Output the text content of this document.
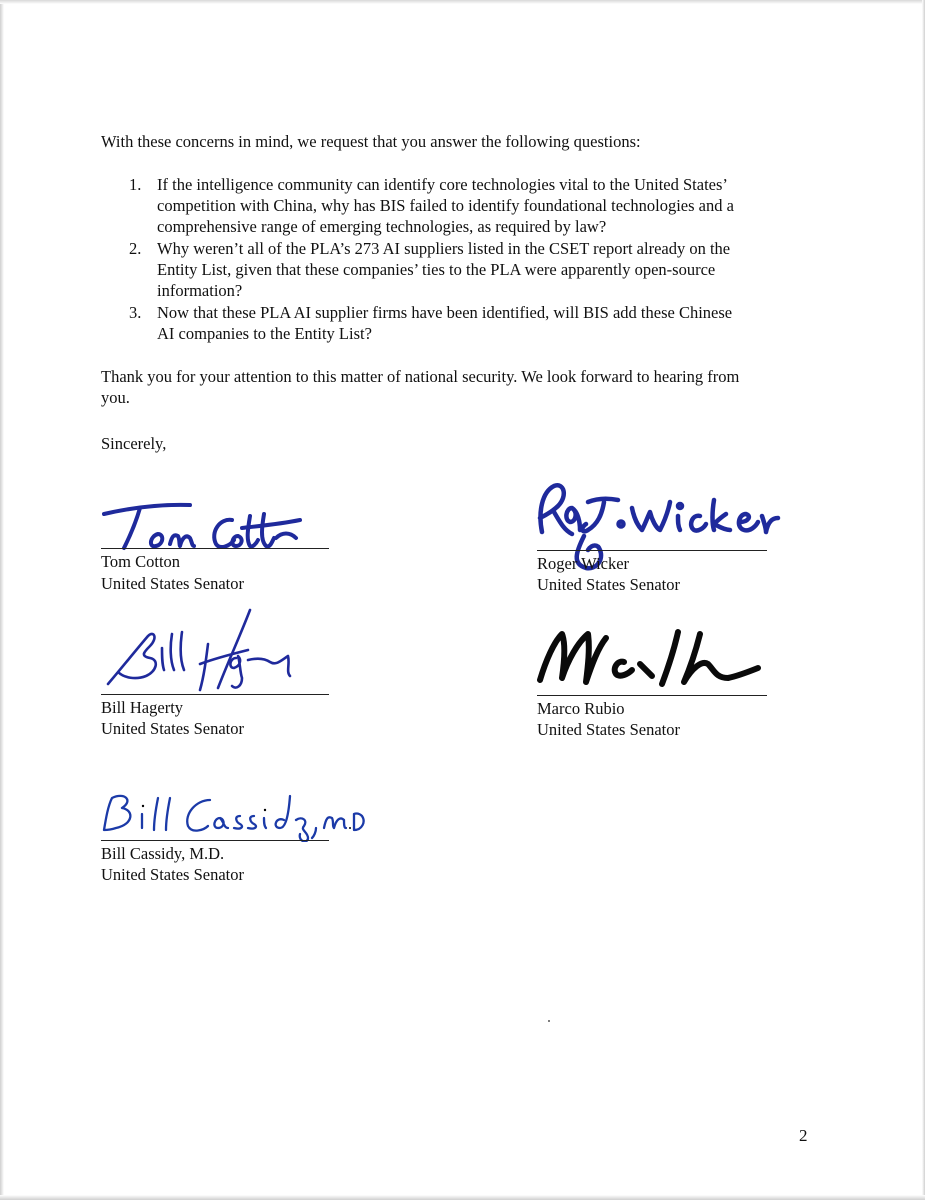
With these concerns in mind, we request that you answer the following questions:
1. If the intelligence community can identify core technologies vital to the United States’
competition with China, why has BIS failed to identify foundational technologies and a
comprehensive range of emerging technologies, as required by law?
2. Why weren’t all of the PLA’s 273 AI suppliers listed in the CSET report already on the
Entity List, given that these companies’ ties to the PLA were apparently open-source
information?
3. Now that these PLA AI supplier firms have been identified, will BIS add these Chinese
AI companies to the Entity List?
Thank you for your attention to this matter of national security. We look forward to hearing from
you.
Sincerely,
Tom Cotton
United States Senator
Roger Wicker
United States Senator
Bill Hagerty
United States Senator
Marco Rubio
United States Senator
Bill Cassidy, M.D.
United States Senator
2
